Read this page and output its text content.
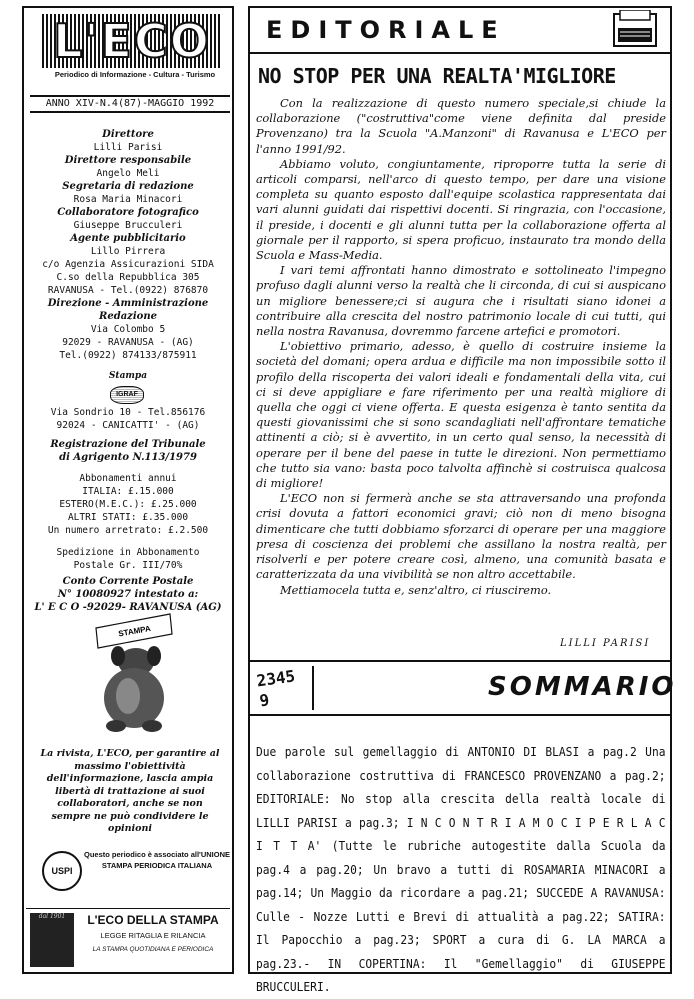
L'ECO
Periodico di Informazione - Cultura - Turismo
ANNO XIV-N.4(87)-MAGGIO 1992
Direttore
Lilli Parisi
Direttore responsabile
Angelo Meli
Segretaria di redazione
Rosa Maria Minacori
Collaboratore fotografico
Giuseppe Brucculeri
Agente pubblicitario
Lillo Pirrera
c/o Agenzia Assicurazioni SIDA
C.so della Repubblica 305
RAVANUSA - Tel.(0922) 876870
Direzione - Amministrazione
Redazione
Via Colombo 5
92029 - RAVANUSA - (AG)
Tel.(0922) 874133/875911
Stampa
IGRAF
Via Sondrio 10 - Tel.856176
92024 - CANICATTI' - (AG)
Registrazione del Tribunale
di Agrigento N.113/1979
Abbonamenti annui
ITALIA: £.15.000
ESTERO(M.E.C.): £.25.000
ALTRI STATI: £.35.000
Un numero arretrato: £.2.500
Spedizione in Abbonamento
Postale Gr. III/70%
Conto Corrente Postale
N° 10080927 intestato a:
L' E C O -92029- RAVANUSA (AG)
STAMPA
La rivista, L'ECO, per garantire al massimo l'obiettività dell'informazione, lascia ampia libertà di trattazione ai suoi collaboratori, anche se non sempre ne può condividere le opinioni
USPI
Questo periodico è associato all'UNIONE STAMPA PERIODICA ITALIANA
dal 1901	L'ECO DELLA STAMPA
LEGGE RITAGLIA E RILANCIA
LA STAMPA QUOTIDIANA E PERIODICA
EDITORIALE
NO STOP PER UNA REALTA'MIGLIORE

Con la realizzazione di questo numero speciale,si chiude la collaborazione ("costruttiva"come viene definita dal preside Provenzano) tra la Scuola "A.Manzoni" di Ravanusa e L'ECO per l'anno 1991/92.

Abbiamo voluto, congiuntamente, riproporre tutta la serie di articoli comparsi, nell'arco di questo tempo, per dare una visione completa su quanto esposto dall'equipe scolastica rappresentata dai vari alunni guidati dai rispettivi docenti. Si ringrazia, con l'occasione, il preside, i docenti e gli alunni tutta per la collaborazione offerta al giornale per il rapporto, si spera proficuo, instaurato tra mondo della Scuola e Mass-Media.

I vari temi affrontati hanno dimostrato e sottolineato l'impegno profuso dagli alunni verso la realtà che li circonda, di cui si auspicano un migliore benessere;ci si augura che i risultati siano idonei a contribuire alla crescita del nostro patrimonio locale di cui tutti, qui nella nostra Ravanusa, dovremmo farcene artefici e promotori.

L'obiettivo primario, adesso, è quello di costruire insieme la società del domani; opera ardua e difficile ma non impossibile sotto il profilo della riscoperta dei valori ideali e fondamentali della vita, cui ci si deve appigliare e fare riferimento per una realtà migliore di quella che oggi ci viene offerta. E questa esigenza è tanto sentita da questi giovanissimi che si sono scandagliati nell'affrontare tematiche attinenti a ciò; si è avvertito, in un certo qual senso, la necessità di operare per il bene del paese in tutte le direzioni. Non permettiamo che tutto sia vano: basta poco talvolta affinchè si costruisca qualcosa di migliore!

L'ECO non si fermerà anche se sta attraversando una profonda crisi dovuta a fattori economici gravi; ciò non di meno bisogna dimenticare che tutti dobbiamo sforzarci di operare per una maggiore presa di coscienza dei problemi che assillano la nostra realtà, per risolverli e per potere creare così, almeno, una comunità basata e caratterizzata da una vivibilità se non altro accettabile.

Mettiamocela tutta e, senz'altro, ci riusciremo.

LILLI PARISI
2345 9	SOMMARIO
Due parole sul gemellaggio di ANTONIO DI BLASI a pag.2 Una collaborazione costruttiva di FRANCESCO PROVENZANO a pag.2; EDITORIALE: No stop alla crescita della realtà locale di LILLI PARISI a pag.3; I N C O N T R I A M O C I P E R L A C I T T A' (Tutte le rubriche autogestite dalla Scuola da pag.4 a pag.20; Un bravo a tutti di ROSAMARIA MINACORI a pag.14; Un Maggio da ricordare a pag.21; SUCCEDE A RAVANUSA: Culle - Nozze Lutti e Brevi di attualità a pag.22; SATIRA: Il Papocchio a pag.23; SPORT a cura di G. LA MARCA a pag.23.- IN COPERTINA: Il "Gemellaggio" di GIUSEPPE BRUCCULERI.
